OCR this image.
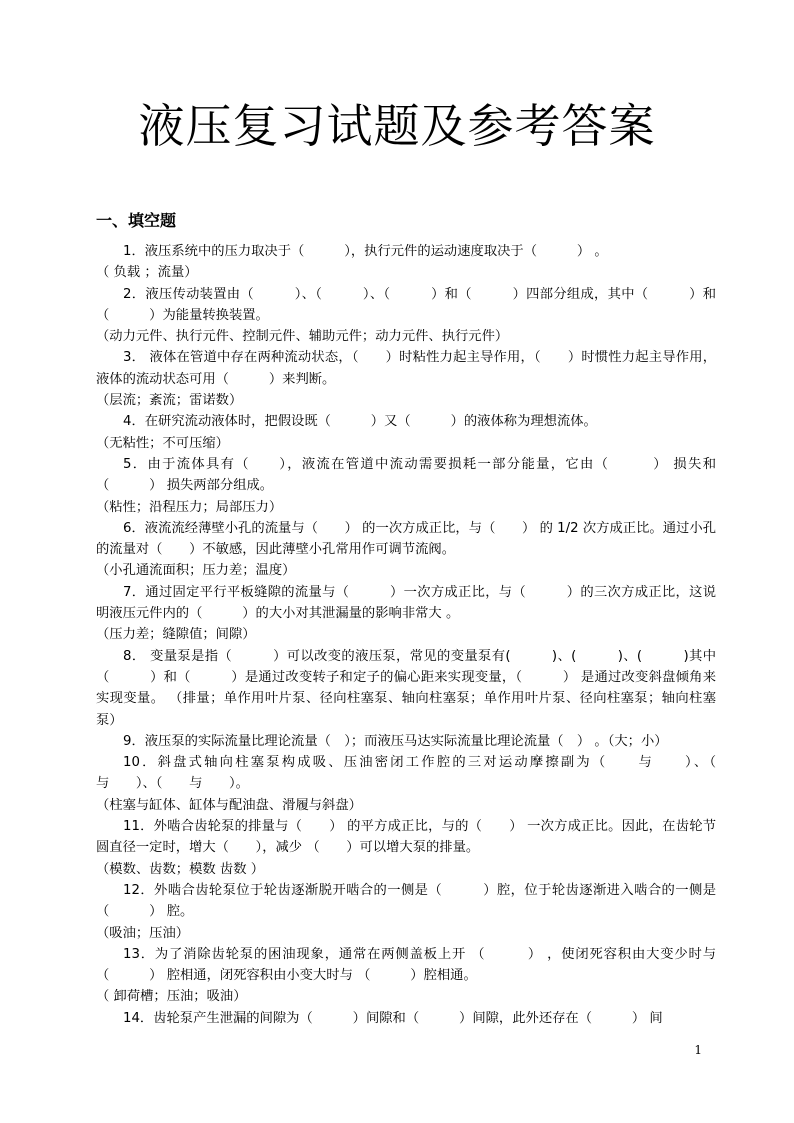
液压复习试题及参考答案
一、填空题

1．液压系统中的压力取决于（　　　），执行元件的运动速度取决于（　　　） 。

（ 负载 ；流量）

2．液压传动装置由（　　　）、（　　　）、（　　　）和（　　　）四部分组成，其中（　　　）和（　　　）为能量转换装置。

（动力元件、执行元件、控制元件、辅助元件；动力元件、执行元件）

3． 液体在管道中存在两种流动状态，（　　）时粘性力起主导作用，（　　）时惯性力起主导作用，液体的流动状态可用（　　　）来判断。

（层流；紊流；雷诺数）

4．在研究流动液体时，把假设既（　　　）又（　　　）的液体称为理想流体。

（无粘性；不可压缩）

5．由于流体具有（　　），液流在管道中流动需要损耗一部分能量，它由（　　　） 损失和（　　　） 损失两部分组成。

（粘性；沿程压力；局部压力）

6．液流流经薄壁小孔的流量与（　　） 的一次方成正比，与（　　） 的 1/2 次方成正比。通过小孔的流量对（　　）不敏感，因此薄壁小孔常用作可调节流阀。

（小孔通流面积；压力差；温度）

7．通过固定平行平板缝隙的流量与（　　　）一次方成正比，与（　　　）的三次方成正比，这说明液压元件内的（　　　）的大小对其泄漏量的影响非常大 。

（压力差；缝隙值；间隙）

8． 变量泵是指（　　　）可以改变的液压泵，常见的变量泵有(　　　)、(　　　)、(　　　)其中 （　　　）和（　　　）是通过改变转子和定子的偏心距来实现变量，（　　　） 是通过改变斜盘倾角来实现变量。 （排量；单作用叶片泵、径向柱塞泵、轴向柱塞泵；单作用叶片泵、径向柱塞泵；轴向柱塞泵）

9．液压泵的实际流量比理论流量（　）；而液压马达实际流量比理论流量（　） 。（大；小）

10．斜盘式轴向柱塞泵构成吸、压油密闭工作腔的三对运动摩擦副为（　　与　　）、（　　与　　）、（　　与　　）。

（柱塞与缸体、缸体与配油盘、滑履与斜盘）

11．外啮合齿轮泵的排量与（　　） 的平方成正比，与的（　　） 一次方成正比。因此，在齿轮节圆直径一定时，增大（　　），减少 （　　）可以增大泵的排量。

（模数、齿数；模数 齿数 ）

12．外啮合齿轮泵位于轮齿逐渐脱开啮合的一侧是（　　　）腔，位于轮齿逐渐进入啮合的一侧是（　　　） 腔。

（吸油；压油）

13．为了消除齿轮泵的困油现象，通常在两侧盖板上开 （　　　） ，使闭死容积由大变少时与（　　　） 腔相通，闭死容积由小变大时与 （　　　）腔相通。

（ 卸荷槽；压油；吸油）

14．齿轮泵产生泄漏的间隙为（　　　）间隙和（　　　）间隙，此外还存在（　　　） 间

1
